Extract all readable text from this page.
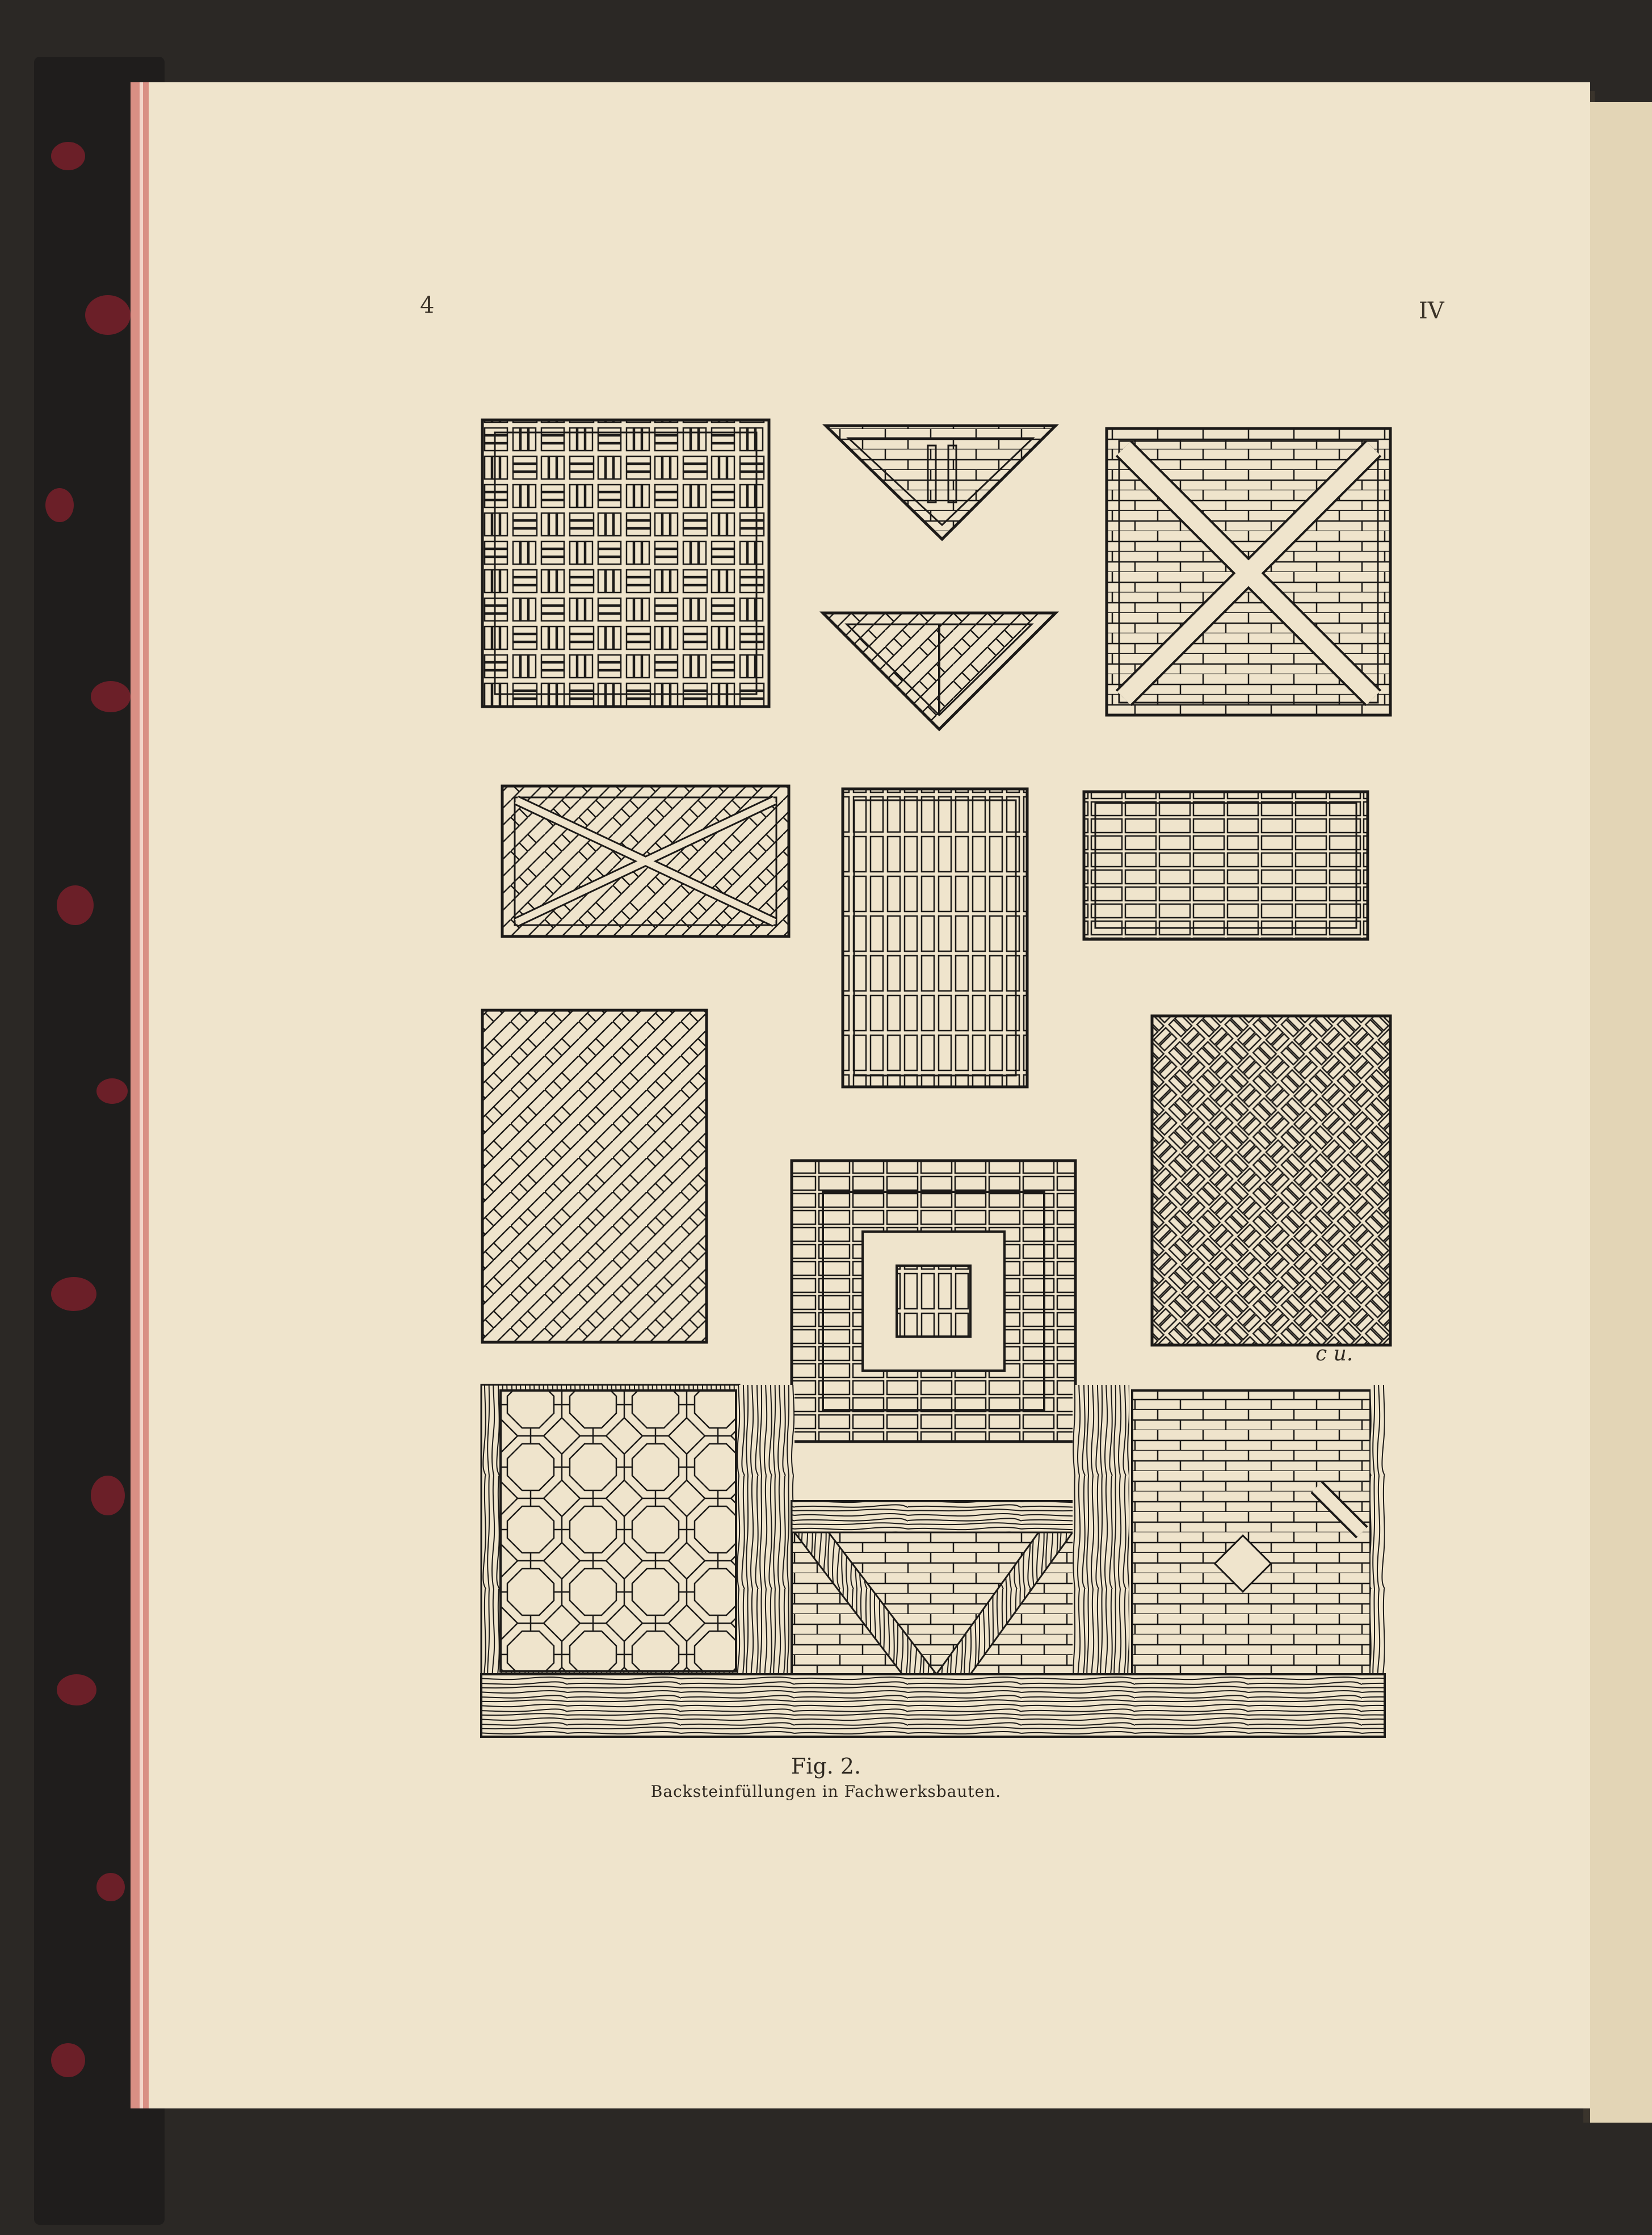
4	IV
c u.
Fig. 2.
Backsteinfüllungen in Fachwerksbauten.
